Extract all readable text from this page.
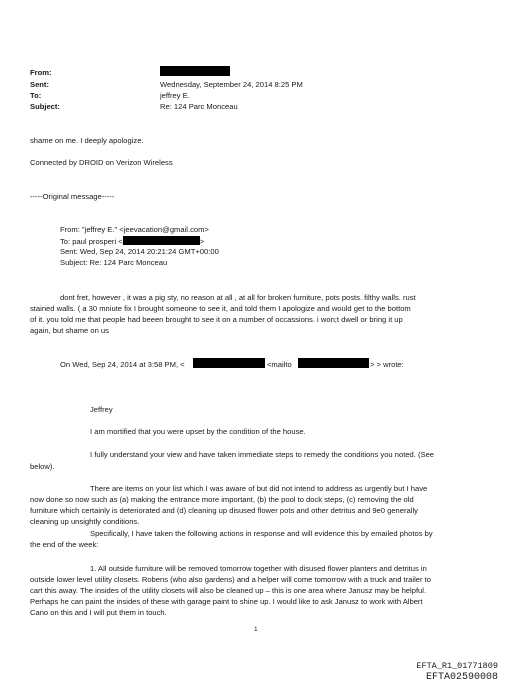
From:
Sent:	Wednesday, September 24, 2014 8:25 PM
To:	jeffrey E.
Subject:	Re: 124 Parc Monceau
shame on me. I deeply apologize.
Connected by DROID on Verizon Wireless
-----Original message-----
From: "jeffrey E." <jeevacation@gmail.com>
To: paul prosperi <	>
Sent: Wed, Sep 24, 2014 20:21:24 GMT+00:00
Subject: Re: 124 Parc Monceau
dont fret, however , it was a pig sty, no reason at all , at all for broken furniture, pots posts. filthy walls. rust
stained walls. ( a 30 mniute fix I brought someone to see it, and told them I apologize and would get to the bottom
of it. you told me that people had beeen brought to see it on a number of occassions. i won;t dwell or bring it up
again, but shame on us
On Wed, Sep 24, 2014 at 3:58 PM, <	<mailto	> > wrote:
Jeffrey
I am mortified that you were upset by the condition of the house.
I fully understand your view and have taken immediate steps to remedy the conditions you noted. (See
below).
There are items on your list which I was aware of but did not intend to address as urgently but I have
now done so now such as (a) making the entrance more important, (b) the pool to dock steps, (c) removing the old
furniture which certainly is deteriorated and (d) cleaning up disused flower pots and other detritus and 9e0 generally
cleaning up unsightly conditions.
Specifically, I have taken the following actions in response and will evidence this by emailed photos by
the end of the week:
1. All outside furniture will be removed tomorrow together with disused flower planters and detritus in
outside lower level utility closets. Robens (who also gardens) and a helper will come tomorrow with a truck and trailer to
cart this away. The insides of the utility closets will also be cleaned up – this is one area where Janusz may be helpful.
Perhaps he can paint the insides of these with garage paint to shine up. I would like to ask Janusz to work with Albert
Cano on this and I will put them in touch.
1
EFTA_R1_01771809
EFTA02590008
